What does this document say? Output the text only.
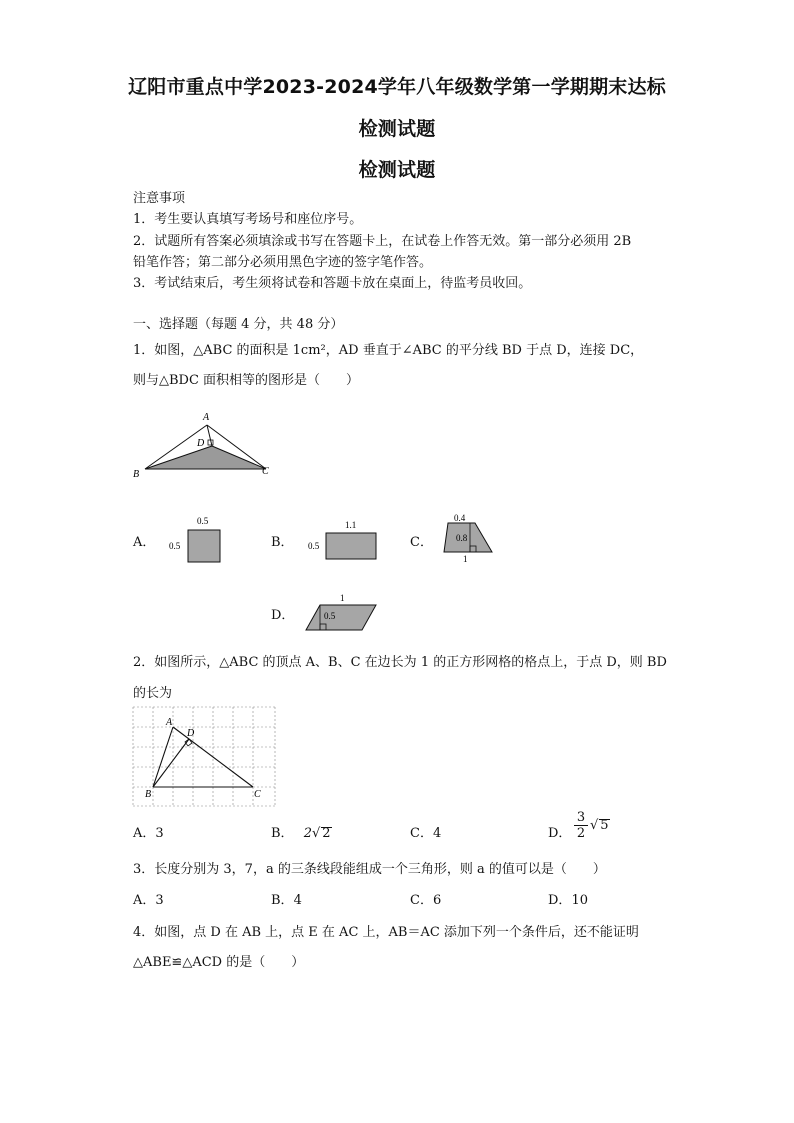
辽阳市重点中学2023-2024学年八年级数学第一学期期末达标
检测试题
检测试题
注意事项
1．考生要认真填写考场号和座位序号。
2．试题所有答案必须填涂或书写在答题卡上，在试卷上作答无效。第一部分必须用 2B
铅笔作答；第二部分必须用黑色字迹的签字笔作答。
3．考试结束后，考生须将试卷和答题卡放在桌面上，待监考员收回。
一、选择题（每题 4 分，共 48 分）
1．如图，△ABC 的面积是 1cm²，AD 垂直于∠ABC 的平分线 BD 于点 D，连接 DC，
则与△BDC 面积相等的图形是（　　）
A
D
B	C
A．
0.5
0.5	B．
1.1
0.5	C．
0.4
0.8
1
D．
1
0.5
2．如图所示，△ABC 的顶点 A、B、C 在边长为 1 的正方形网格的格点上，于点 D，则 BD
的长为
A
D
B	C
A．3	B． 2√ 2	C．4	D． $\frac{3}{2}$ √ 5
3．长度分别为 3，7，a 的三条线段能组成一个三角形，则 a 的值可以是（　　）
A．3	B．4	C．6	D．10
4．如图，点 D 在 AB 上，点 E 在 AC 上，AB＝AC 添加下列一个条件后，还不能证明
△ABE≌△ACD 的是（　　）
